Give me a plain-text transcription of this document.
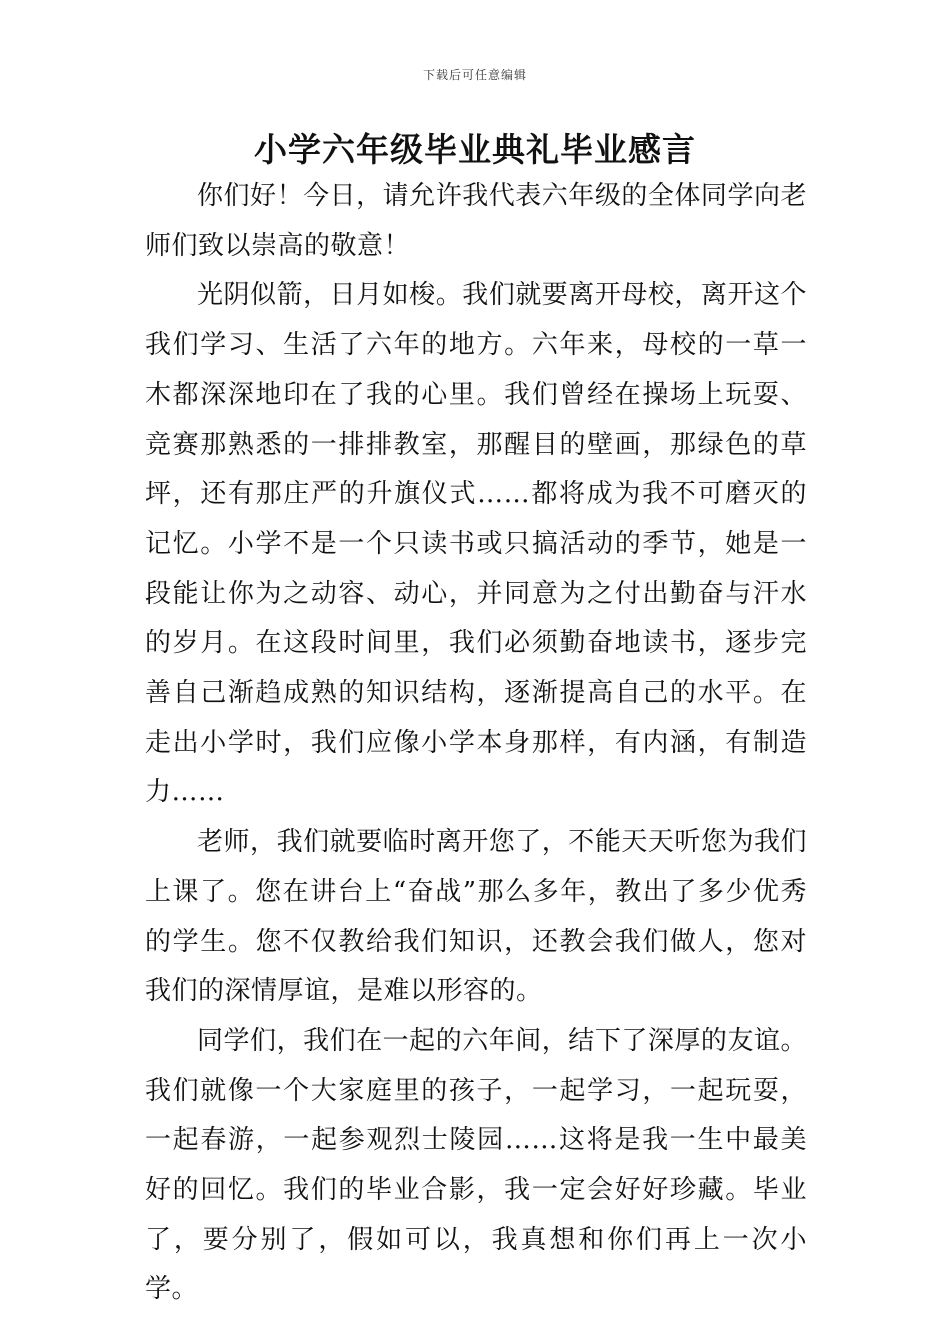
下载后可任意编辑
小学六年级毕业典礼毕业感言

你们好！今日，请允许我代表六年级的全体同学向老师们致以崇高的敬意！

光阴似箭，日月如梭。我们就要离开母校，离开这个我们学习、生活了六年的地方。六年来，母校的一草一木都深深地印在了我的心里。我们曾经在操场上玩耍、竞赛那熟悉的一排排教室，那醒目的壁画，那绿色的草坪，还有那庄严的升旗仪式……都将成为我不可磨灭的记忆。小学不是一个只读书或只搞活动的季节，她是一段能让你为之动容、动心，并同意为之付出勤奋与汗水的岁月。在这段时间里，我们必须勤奋地读书，逐步完善自己渐趋成熟的知识结构，逐渐提高自己的水平。在走出小学时，我们应像小学本身那样，有内涵，有制造力……

老师，我们就要临时离开您了，不能天天听您为我们上课了。您在讲台上“奋战”那么多年，教出了多少优秀的学生。您不仅教给我们知识，还教会我们做人，您对我们的深情厚谊，是难以形容的。

同学们，我们在一起的六年间，结下了深厚的友谊。我们就像一个大家庭里的孩子，一起学习，一起玩耍，一起春游，一起参观烈士陵园……这将是我一生中最美好的回忆。我们的毕业合影，我一定会好好珍藏。毕业了，要分别了，假如可以，我真想和你们再上一次小学。
